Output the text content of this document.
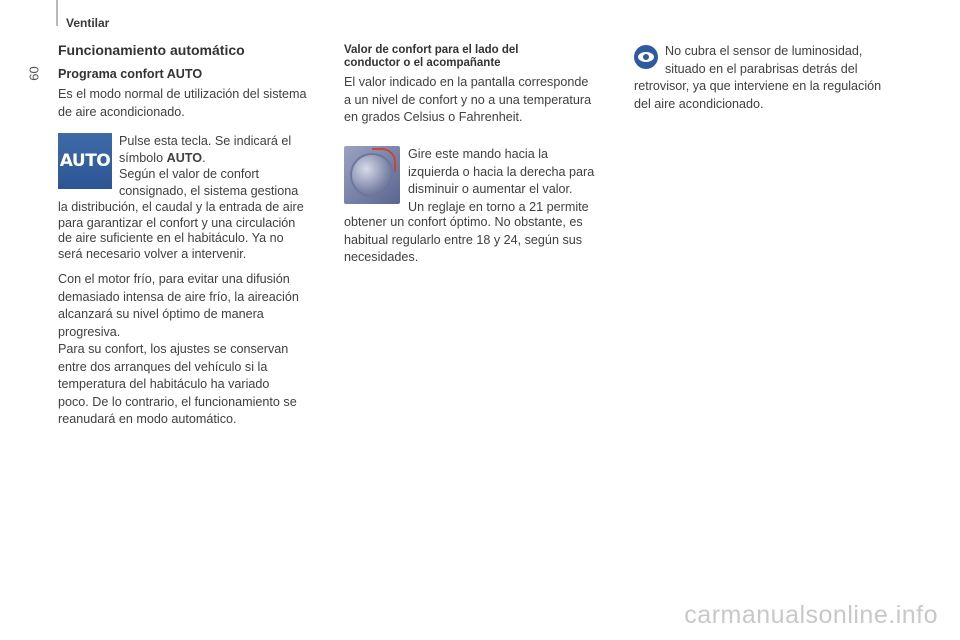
Ventilar
60
Funcionamiento automático
Programa confort AUTO

Es el modo normal de utilización del sistema

de aire acondicionado.

AUTO

Pulse esta tecla. Se indicará el

símbolo AUTO.

Según el valor de confort

consignado, el sistema gestiona

la distribución, el caudal y la entrada de aire

para garantizar el confort y una circulación

de aire suficiente en el habitáculo. Ya no

será necesario volver a intervenir.

Con el motor frío, para evitar una difusión

demasiado intensa de aire frío, la aireación

alcanzará su nivel óptimo de manera

progresiva.

Para su confort, los ajustes se conservan

entre dos arranques del vehículo si la

temperatura del habitáculo ha variado

poco. De lo contrario, el funcionamiento se

reanudará en modo automático.

Valor de confort para el lado del
conductor o el acompañante

El valor indicado en la pantalla corresponde

a un nivel de confort y no a una temperatura

en grados Celsius o Fahrenheit.

Gire este mando hacia la

izquierda o hacia la derecha para

disminuir o aumentar el valor.

Un reglaje en torno a 21 permite

obtener un confort óptimo. No obstante, es

habitual regularlo entre 18 y 24, según sus

necesidades.

No cubra el sensor de luminosidad,

situado en el parabrisas detrás del

retrovisor, ya que interviene en la regulación

del aire acondicionado.

carmanualsonline.info
